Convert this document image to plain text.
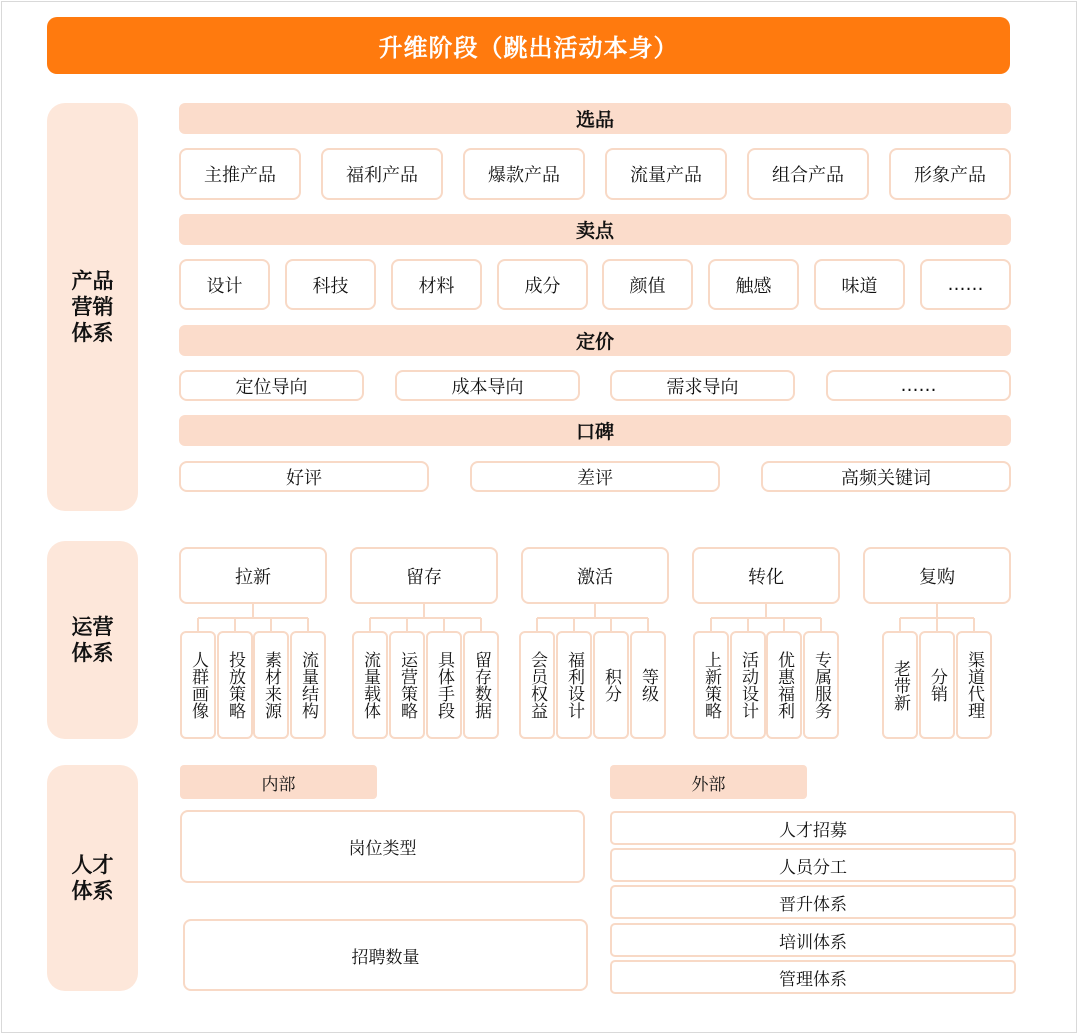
升维阶段（跳出活动本身）
产品
营销
体系
选品
主推产品	福利产品	爆款产品	流量产品	组合产品	形象产品
卖点
设计	科技	材料	成分	颜值	触感	味道	……
定价
定位导向	成本导向	需求导向	……
口碑
好评	差评	高频关键词
运营
体系
拉新	留存	激活	转化	复购
人群画像	投放策略 素材来源	流量结构	流量载体	运营策略	具体手段	留存数据	会员权益	福利设计	积分	等级	上新策略	活动设计 优惠福利	专属服务	老带新	分销	渠道代理
人才
体系
内部
岗位类型
招聘数量
外部
人才招募
人员分工
晋升体系
培训体系
管理体系
